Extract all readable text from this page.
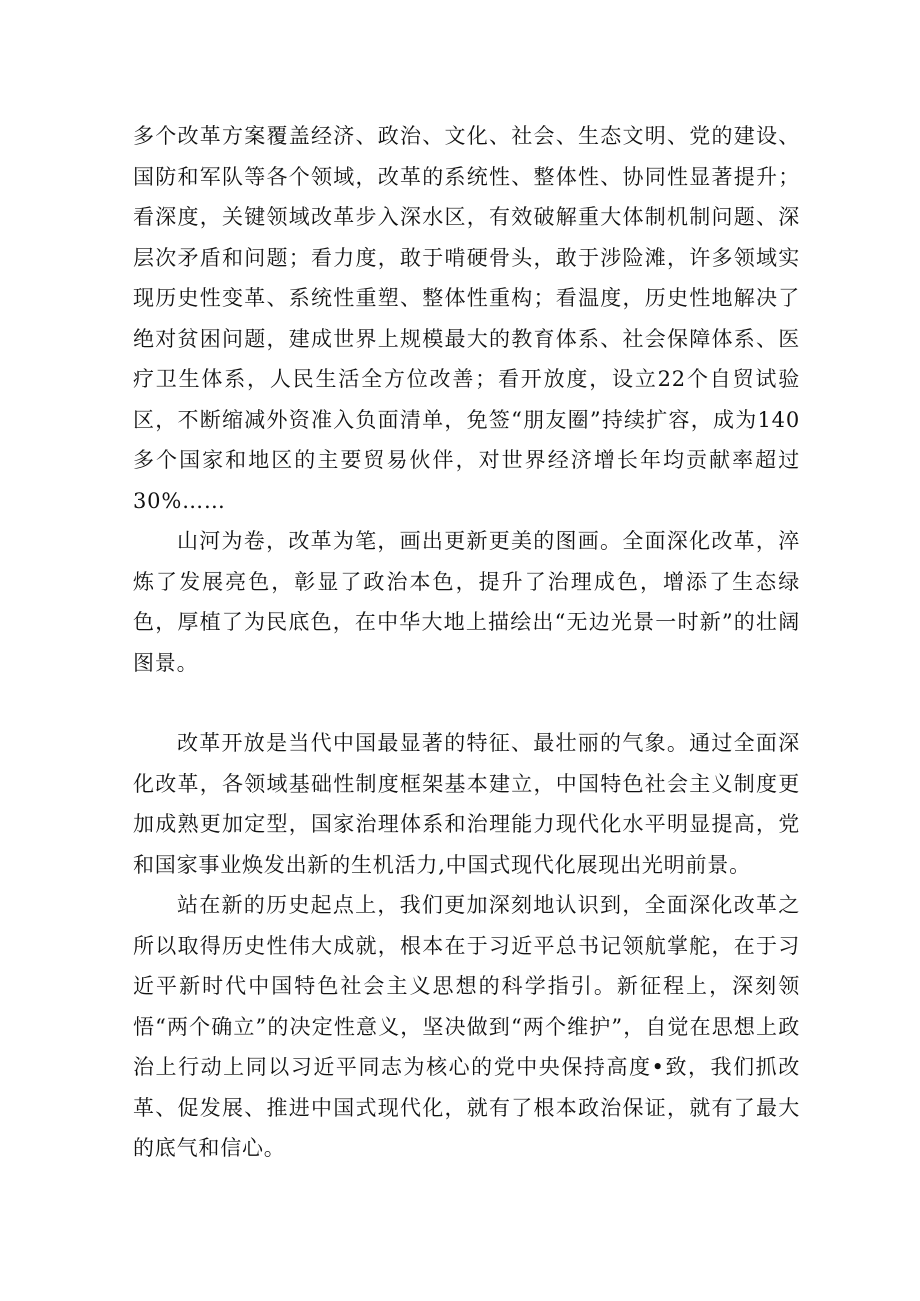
多个改革方案覆盖经济、政治、文化、社会、生态文明、党的建设、国防和军队等各个领域，改革的系统性、整体性、协同性显著提升；看深度，关键领域改革步入深水区，有效破解重大体制机制问题、深层次矛盾和问题；看力度，敢于啃硬骨头，敢于涉险滩，许多领域实现历史性变革、系统性重塑、整体性重构；看温度，历史性地解决了绝对贫困问题，建成世界上规模最大的教育体系、社会保障体系、医疗卫生体系，人民生活全方位改善；看开放度，设立22个自贸试验区，不断缩减外资准入负面清单，免签“朋友圈”持续扩容，成为140多个国家和地区的主要贸易伙伴，对世界经济增长年均贡献率超过30%……

山河为卷，改革为笔，画出更新更美的图画。全面深化改革，淬炼了发展亮色，彰显了政治本色，提升了治理成色，增添了生态绿色，厚植了为民底色，在中华大地上描绘出“无边光景一时新”的壮阔图景。

改革开放是当代中国最显著的特征、最壮丽的气象。通过全面深化改革，各领域基础性制度框架基本建立，中国特色社会主义制度更加成熟更加定型，国家治理体系和治理能力现代化水平明显提高，党和国家事业焕发出新的生机活力,中国式现代化展现出光明前景。

站在新的历史起点上，我们更加深刻地认识到，全面深化改革之所以取得历史性伟大成就，根本在于习近平总书记领航掌舵，在于习近平新时代中国特色社会主义思想的科学指引。新征程上，深刻领悟“两个确立”的决定性意义，坚决做到“两个维护”，自觉在思想上政治上行动上同以习近平同志为核心的党中央保持高度•致，我们抓改革、促发展、推进中国式现代化，就有了根本政治保证，就有了最大的底气和信心。
